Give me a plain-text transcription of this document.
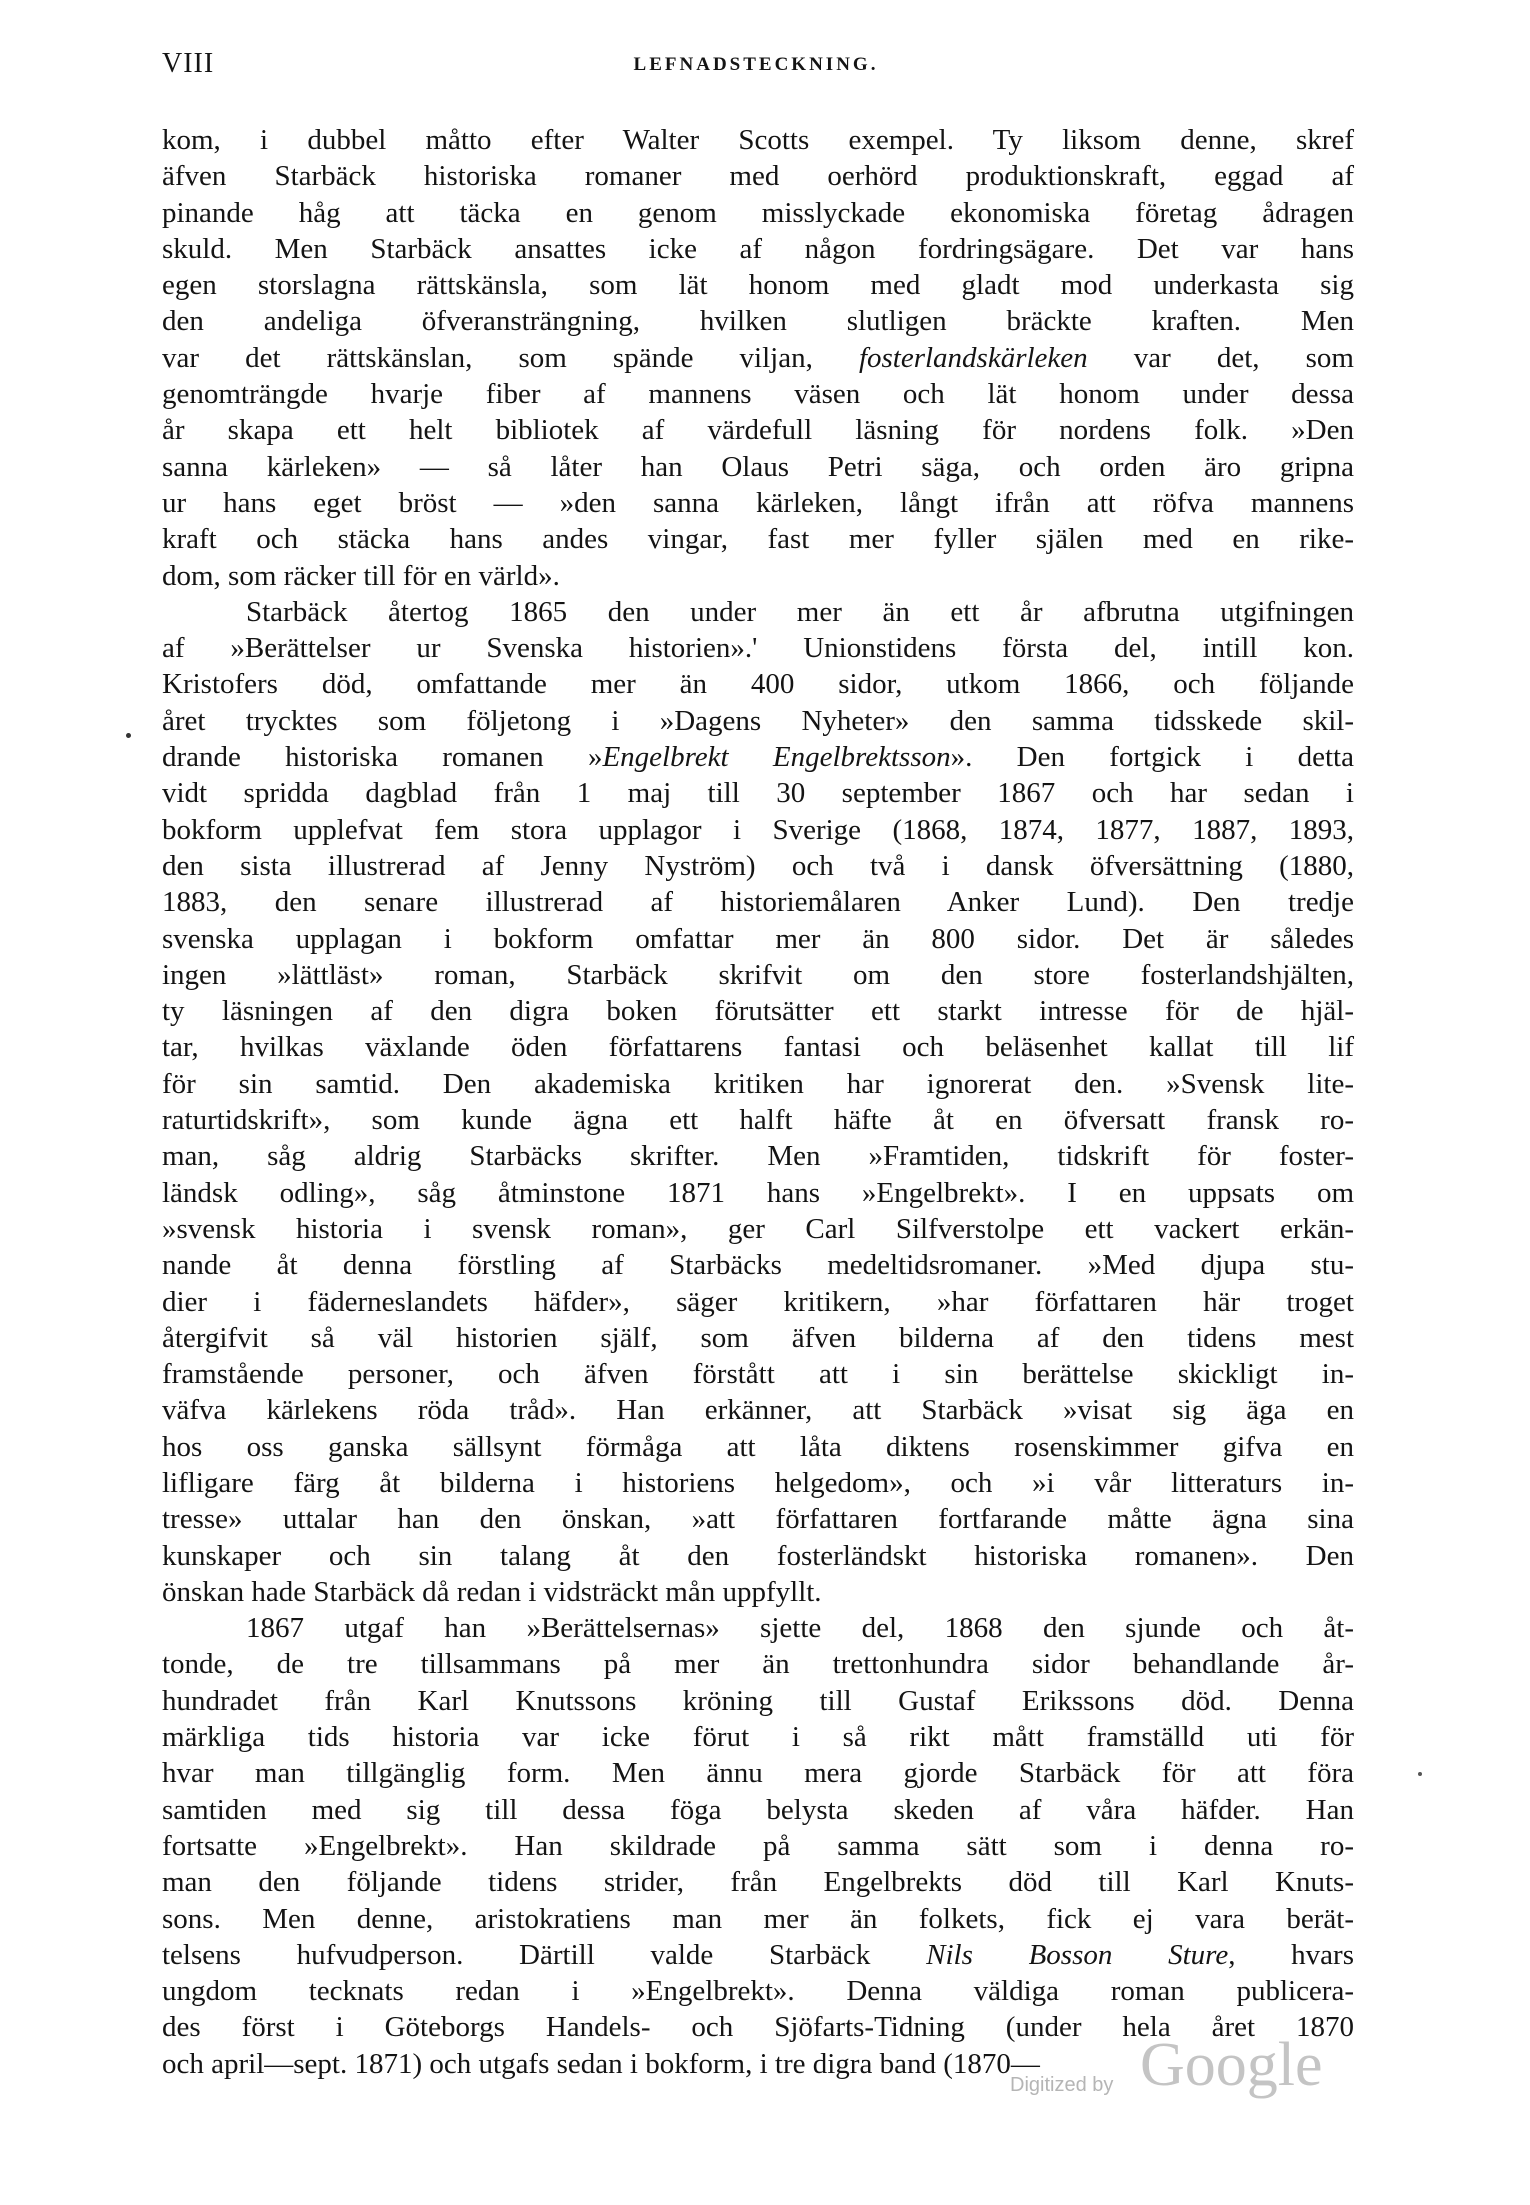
VIII	LEFNADSTECKNING.
kom, i dubbel måtto efter Walter Scotts exempel. Ty liksom denne, skref
äfven Starbäck historiska romaner med oerhörd produktionskraft, eggad af
pinande håg att täcka en genom misslyckade ekonomiska företag ådragen
skuld. Men Starbäck ansattes icke af någon fordringsägare. Det var hans
egen storslagna rättskänsla, som lät honom med gladt mod underkasta sig
den andeliga öfveransträngning, hvilken slutligen bräckte kraften. Men
var det rättskänslan, som spände viljan, fosterlandskärleken var det, som
genomträngde hvarje fiber af mannens väsen och lät honom under dessa
år skapa ett helt bibliotek af värdefull läsning för nordens folk. »Den
sanna kärleken» — så låter han Olaus Petri säga, och orden äro gripna
ur hans eget bröst — »den sanna kärleken, långt ifrån att röfva mannens
kraft och stäcka hans andes vingar, fast mer fyller själen med en rike-
dom, som räcker till för en värld».
Starbäck återtog 1865 den under mer än ett år afbrutna utgifningen
af »Berättelser ur Svenska historien».' Unionstidens första del, intill kon.
Kristofers död, omfattande mer än 400 sidor, utkom 1866, och följande
året trycktes som följetong i »Dagens Nyheter» den samma tidsskede skil-
drande historiska romanen »Engelbrekt Engelbrektsson». Den fortgick i detta
vidt spridda dagblad från 1 maj till 30 september 1867 och har sedan i
bokform upplefvat fem stora upplagor i Sverige (1868, 1874, 1877, 1887, 1893,
den sista illustrerad af Jenny Nyström) och två i dansk öfversättning (1880,
1883, den senare illustrerad af historiemålaren Anker Lund). Den tredje
svenska upplagan i bokform omfattar mer än 800 sidor. Det är således
ingen »lättläst» roman, Starbäck skrifvit om den store fosterlandshjälten,
ty läsningen af den digra boken förutsätter ett starkt intresse för de hjäl-
tar, hvilkas växlande öden författarens fantasi och beläsenhet kallat till lif
för sin samtid. Den akademiska kritiken har ignorerat den. »Svensk lite-
raturtidskrift», som kunde ägna ett halft häfte åt en öfversatt fransk ro-
man, såg aldrig Starbäcks skrifter. Men »Framtiden, tidskrift för foster-
ländsk odling», såg åtminstone 1871 hans »Engelbrekt». I en uppsats om
»svensk historia i svensk roman», ger Carl Silfverstolpe ett vackert erkän-
nande åt denna förstling af Starbäcks medeltidsromaner. »Med djupa stu-
dier i fäderneslandets häfder», säger kritikern, »har författaren här troget
återgifvit så väl historien själf, som äfven bilderna af den tidens mest
framstående personer, och äfven förstått att i sin berättelse skickligt in-
väfva kärlekens röda tråd». Han erkänner, att Starbäck »visat sig äga en
hos oss ganska sällsynt förmåga att låta diktens rosenskimmer gifva en
lifligare färg åt bilderna i historiens helgedom», och »i vår litteraturs in-
tresse» uttalar han den önskan, »att författaren fortfarande måtte ägna sina
kunskaper och sin talang åt den fosterländskt historiska romanen». Den
önskan hade Starbäck då redan i vidsträckt mån uppfyllt.
1867 utgaf han »Berättelsernas» sjette del, 1868 den sjunde och åt-
tonde, de tre tillsammans på mer än trettonhundra sidor behandlande år-
hundradet från Karl Knutssons kröning till Gustaf Erikssons död. Denna
märkliga tids historia var icke förut i så rikt mått framställd uti för
hvar man tillgänglig form. Men ännu mera gjorde Starbäck för att föra
samtiden med sig till dessa föga belysta skeden af våra häfder. Han
fortsatte »Engelbrekt». Han skildrade på samma sätt som i denna ro-
man den följande tidens strider, från Engelbrekts död till Karl Knuts-
sons. Men denne, aristokratiens man mer än folkets, fick ej vara berät-
telsens hufvudperson. Därtill valde Starbäck Nils Bosson Sture, hvars
ungdom tecknats redan i »Engelbrekt». Denna väldiga roman publicera-
des först i Göteborgs Handels- och Sjöfarts-Tidning (under hela året 1870
och april—sept. 1871) och utgafs sedan i bokform, i tre digra band (1870—
Digitized by Google
